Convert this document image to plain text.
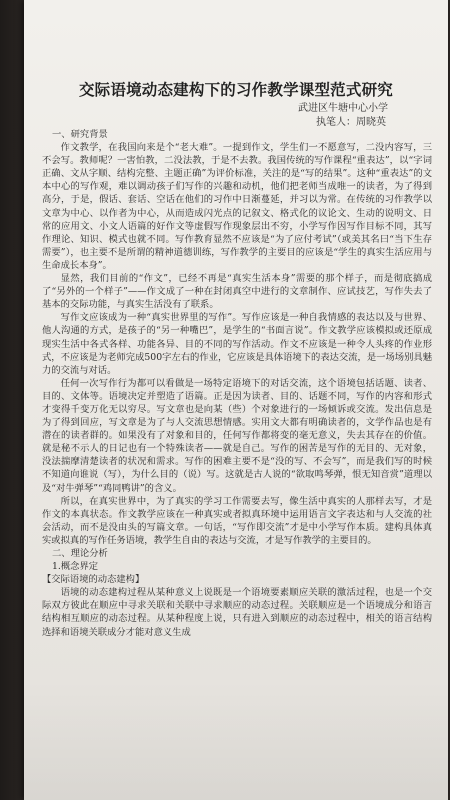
交际语境动态建构下的习作教学课型范式研究
武进区牛塘中心小学
执笔人：周晓英

一、研究背景

作文教学，在我国向来是个“老大难”。一提到作文，学生们一不愿意写，二没内容写，三不会写。教师呢？一害怕教，二没法教，于是不去教。我国传统的写作课程“重表达”，以“字词正确、文从字顺、结构完整、主题正确”为评价标准，关注的是“写的结果”。这种“重表达”的文本中心的写作观，难以调动孩子们写作的兴趣和动机，他们把老师当成唯一的读者，为了得到高分，于是，假话、套话、空话在他们的习作中日渐蔓延，并习以为常。在传统的习作教学以文章为中心、以作者为中心，从而造成闪光点的记叙文、格式化的议论文、生动的说明文、日常的应用文、小文人语篇的好作文等虚假写作现象层出不穷，小学写作因写作目标不同，其写作理论、知识、模式也就不同。写作教育显然不应该是“为了应付考试”（或美其名曰“当下生存需要”），也主要不是所谓的精神道德训练，写作教学的主要目的应该是“学生的真实生活应用与生命成长本身”。

显然，我们目前的“作文”，已经不再是“真实生活本身”需要的那个样子，而是彻底搞成了“另外的一个样子”——作文成了一种在封闭真空中进行的文章制作、应试技艺，写作失去了基本的交际功能，与真实生活没有了联系。

写作文应该成为一种“真实世界里的写作”。写作应该是一种自我情感的表达以及与世界、他人沟通的方式，是孩子的“另一种嘴巴”，是学生的“书面言说”。作文教学应该模拟或还原成现实生活中各式各样、功能各异、目的不同的写作活动。作文不应该是一种令人头疼的作业形式，不应该是为老师完成500字左右的作业，它应该是具体语境下的表达交流，是一场场别具魅力的交流与对话。

任何一次写作行为都可以看做是一场特定语境下的对话交流，这个语境包括话题、读者、目的、文体等。语境决定并塑造了语篇。正是因为读者、目的、话题不同，写作的内容和形式才变得千变万化无以穷尽。写文章也是向某（些）个对象进行的一场倾诉或交流。发出信息是为了得到回应，写文章是为了与人交流思想情感。实用文大都有明确读者的，文学作品也是有潜在的读者群的。如果没有了对象和目的，任何写作都将变的毫无意义，失去其存在的价值。就是秘不示人的日记也有一个特殊读者——就是自己。写作的困苦是写作的无目的、无对象，没法揣摩清楚读者的状况和需求。写作的困难主要不是“没的写、不会写”，而是我们写的时候不知道向谁说（写），为什么目的（说）写。这就是古人说的“欲取鸣琴弹，恨无知音赏”道理以及“对牛弹琴”“鸡同鸭讲”的含义。

所以，在真实世界中，为了真实的学习工作需要去写，像生活中真实的人那样去写，才是作文的本真状态。作文教学应该在一种真实或者拟真环境中运用语言文字表达和与人交流的社会活动，而不是没由头的写篇文章。一句话，“写作即交流”才是中小学写作本质。建构具体真实或拟真的写作任务语境，教学生自由的表达与交流，才是写作教学的主要目的。

二、理论分析

1.概念界定

【交际语境的动态建构】

语境的动态建构过程从某种意义上说既是一个语境要素顺应关联的激活过程，也是一个交际双方彼此在顺应中寻求关联和关联中寻求顺应的动态过程。关联顺应是一个语境成分和语言结构相互顺应的动态过程。从某种程度上说，只有进入到顺应的动态过程中，相关的语言结构选择和语境关联成分才能对意义生成
